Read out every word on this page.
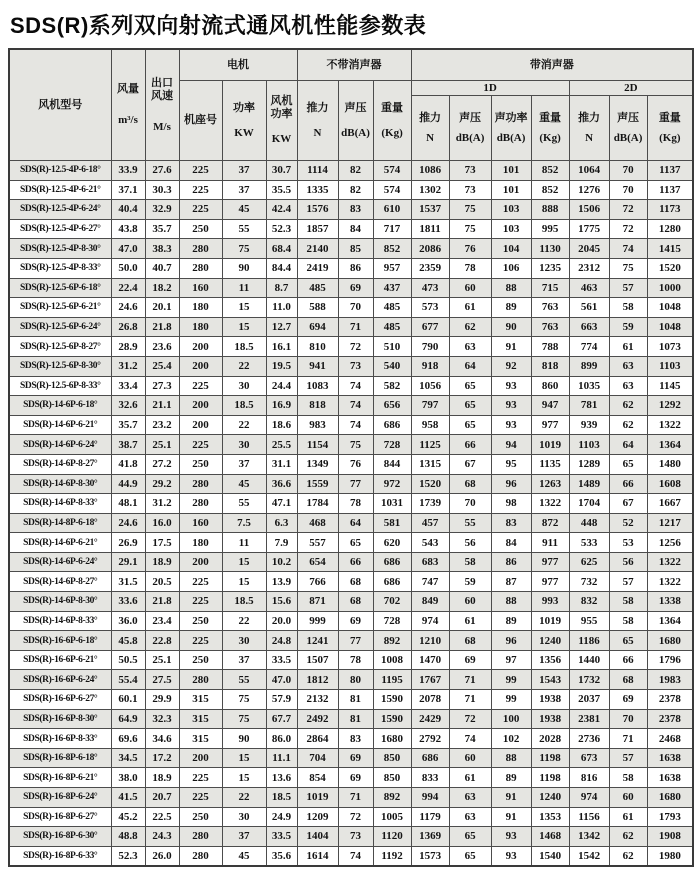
SDS(R)系列双向射流式通风机性能参数表
风机型号	
风量
m³/s

出口风速
M/s
	电机	不带消声器	带消声器

机座号

功率
KW

风机功率
KW

推力
N

声压
dB(A)

重量
(Kg)
	1D	2D

推力
N

声压
dB(A)

声功率
dB(A)

重量
(Kg)

推力
N

声压
dB(A)

重量
(Kg)

SDS(R)-12.5-4P-6-18°	33.9	27.6	225	37	30.7	1114	82	574	1086	73	101	852	1064	70	1137
SDS(R)-12.5-4P-6-21°	37.1	30.3	225	37	35.5	1335	82	574	1302	73	101	852	1276	70	1137
SDS(R)-12.5-4P-6-24°	40.4	32.9	225	45	42.4	1576	83	610	1537	75	103	888	1506	72	1173
SDS(R)-12.5-4P-6-27°	43.8	35.7	250	55	52.3	1857	84	717	1811	75	103	995	1775	72	1280
SDS(R)-12.5-4P-8-30°	47.0	38.3	280	75	68.4	2140	85	852	2086	76	104	1130	2045	74	1415
SDS(R)-12.5-4P-8-33°	50.0	40.7	280	90	84.4	2419	86	957	2359	78	106	1235	2312	75	1520
SDS(R)-12.5-6P-6-18°	22.4	18.2	160	11	8.7	485	69	437	473	60	88	715	463	57	1000
SDS(R)-12.5-6P-6-21°	24.6	20.1	180	15	11.0	588	70	485	573	61	89	763	561	58	1048
SDS(R)-12.5-6P-6-24°	26.8	21.8	180	15	12.7	694	71	485	677	62	90	763	663	59	1048
SDS(R)-12.5-6P-8-27°	28.9	23.6	200	18.5	16.1	810	72	510	790	63	91	788	774	61	1073
SDS(R)-12.5-6P-8-30°	31.2	25.4	200	22	19.5	941	73	540	918	64	92	818	899	63	1103
SDS(R)-12.5-6P-8-33°	33.4	27.3	225	30	24.4	1083	74	582	1056	65	93	860	1035	63	1145
SDS(R)-14-6P-6-18°	32.6	21.1	200	18.5	16.9	818	74	656	797	65	93	947	781	62	1292
SDS(R)-14-6P-6-21°	35.7	23.2	200	22	18.6	983	74	686	958	65	93	977	939	62	1322
SDS(R)-14-6P-6-24°	38.7	25.1	225	30	25.5	1154	75	728	1125	66	94	1019	1103	64	1364
SDS(R)-14-6P-8-27°	41.8	27.2	250	37	31.1	1349	76	844	1315	67	95	1135	1289	65	1480
SDS(R)-14-6P-8-30°	44.9	29.2	280	45	36.6	1559	77	972	1520	68	96	1263	1489	66	1608
SDS(R)-14-6P-8-33°	48.1	31.2	280	55	47.1	1784	78	1031	1739	70	98	1322	1704	67	1667
SDS(R)-14-8P-6-18°	24.6	16.0	160	7.5	6.3	468	64	581	457	55	83	872	448	52	1217
SDS(R)-14-6P-6-21°	26.9	17.5	180	11	7.9	557	65	620	543	56	84	911	533	53	1256
SDS(R)-14-6P-6-24°	29.1	18.9	200	15	10.2	654	66	686	683	58	86	977	625	56	1322
SDS(R)-14-6P-8-27°	31.5	20.5	225	15	13.9	766	68	686	747	59	87	977	732	57	1322
SDS(R)-14-6P-8-30°	33.6	21.8	225	18.5	15.6	871	68	702	849	60	88	993	832	58	1338
SDS(R)-14-6P-8-33°	36.0	23.4	250	22	20.0	999	69	728	974	61	89	1019	955	58	1364
SDS(R)-16-6P-6-18°	45.8	22.8	225	30	24.8	1241	77	892	1210	68	96	1240	1186	65	1680
SDS(R)-16-6P-6-21°	50.5	25.1	250	37	33.5	1507	78	1008	1470	69	97	1356	1440	66	1796
SDS(R)-16-6P-6-24°	55.4	27.5	280	55	47.0	1812	80	1195	1767	71	99	1543	1732	68	1983
SDS(R)-16-6P-6-27°	60.1	29.9	315	75	57.9	2132	81	1590	2078	71	99	1938	2037	69	2378
SDS(R)-16-6P-8-30°	64.9	32.3	315	75	67.7	2492	81	1590	2429	72	100	1938	2381	70	2378
SDS(R)-16-6P-8-33°	69.6	34.6	315	90	86.0	2864	83	1680	2792	74	102	2028	2736	71	2468
SDS(R)-16-8P-6-18°	34.5	17.2	200	15	11.1	704	69	850	686	60	88	1198	673	57	1638
SDS(R)-16-8P-6-21°	38.0	18.9	225	15	13.6	854	69	850	833	61	89	1198	816	58	1638
SDS(R)-16-8P-6-24°	41.5	20.7	225	22	18.5	1019	71	892	994	63	91	1240	974	60	1680
SDS(R)-16-8P-6-27°	45.2	22.5	250	30	24.9	1209	72	1005	1179	63	91	1353	1156	61	1793
SDS(R)-16-8P-6-30°	48.8	24.3	280	37	33.5	1404	73	1120	1369	65	93	1468	1342	62	1908
SDS(R)-16-8P-6-33°	52.3	26.0	280	45	35.6	1614	74	1192	1573	65	93	1540	1542	62	1980
